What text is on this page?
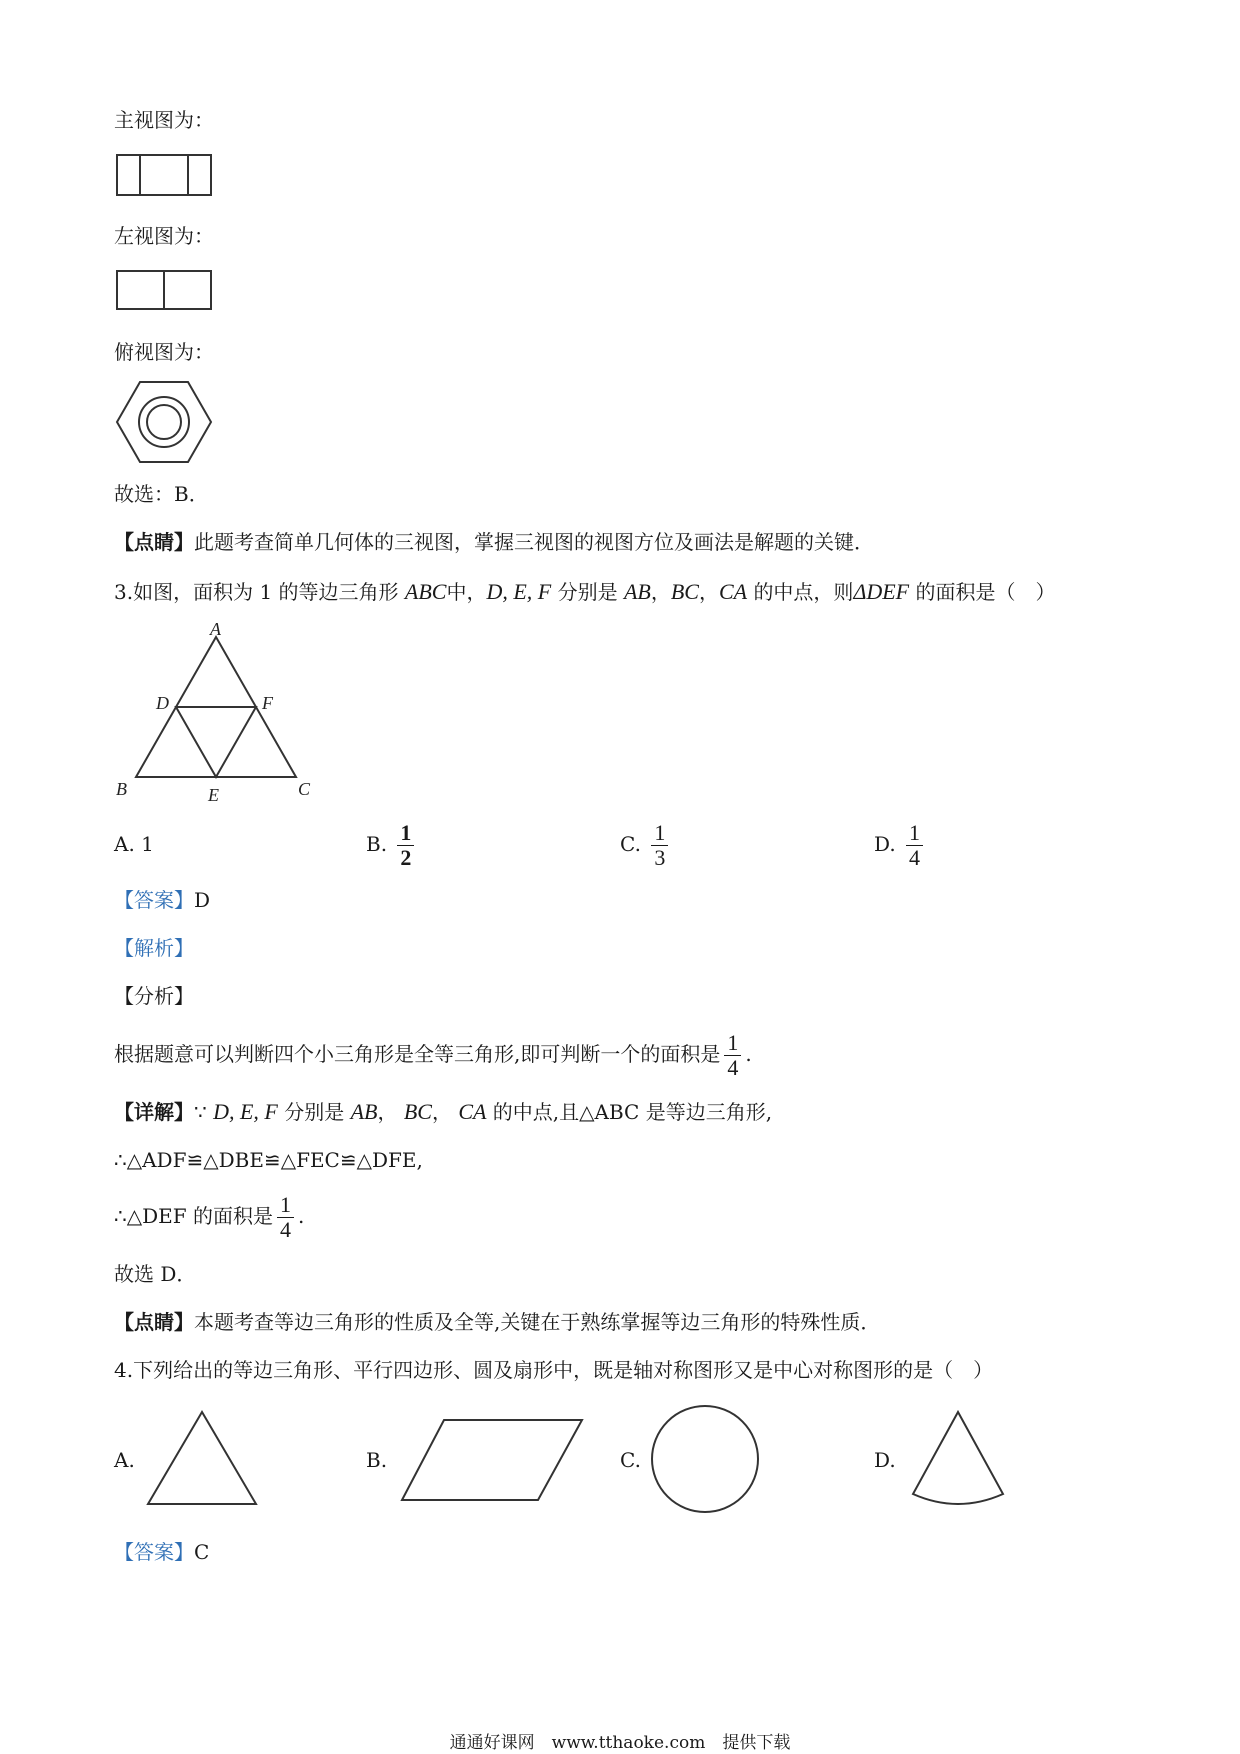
主视图为：
左视图为：
俯视图为：
故选：B．
【点睛】此题考查简单几何体的三视图，掌握三视图的视图方位及画法是解题的关键．
3.如图，面积为 1 的等边三角形 ABC中，D, E, F 分别是 AB，BC，CA 的中点，则ΔDEF 的面积是（　）
A
D	F
B	E	C
A. 1	B. $\frac{1}{2}$	C. $\frac{1}{3}$	D. $\frac{1}{4}$
【答案】D
【解析】
【分析】
根据题意可以判断四个小三角形是全等三角形,即可判断一个的面积是 $\frac{1}{4}$ .
【详解】∵ D, E, F 分别是 AB， BC， CA 的中点,且△ABC 是等边三角形,
∴△ADF≌△DBE≌△FEC≌△DFE,
∴△DEF 的面积是 $\frac{1}{4}$ .
故选 D．
【点睛】本题考查等边三角形的性质及全等,关键在于熟练掌握等边三角形的特殊性质．
4.下列给出的等边三角形、平行四边形、圆及扇形中，既是轴对称图形又是中心对称图形的是（　）
A.	B.	C.	D.
【答案】C
通通好课网　www.tthaoke.com　提供下载
